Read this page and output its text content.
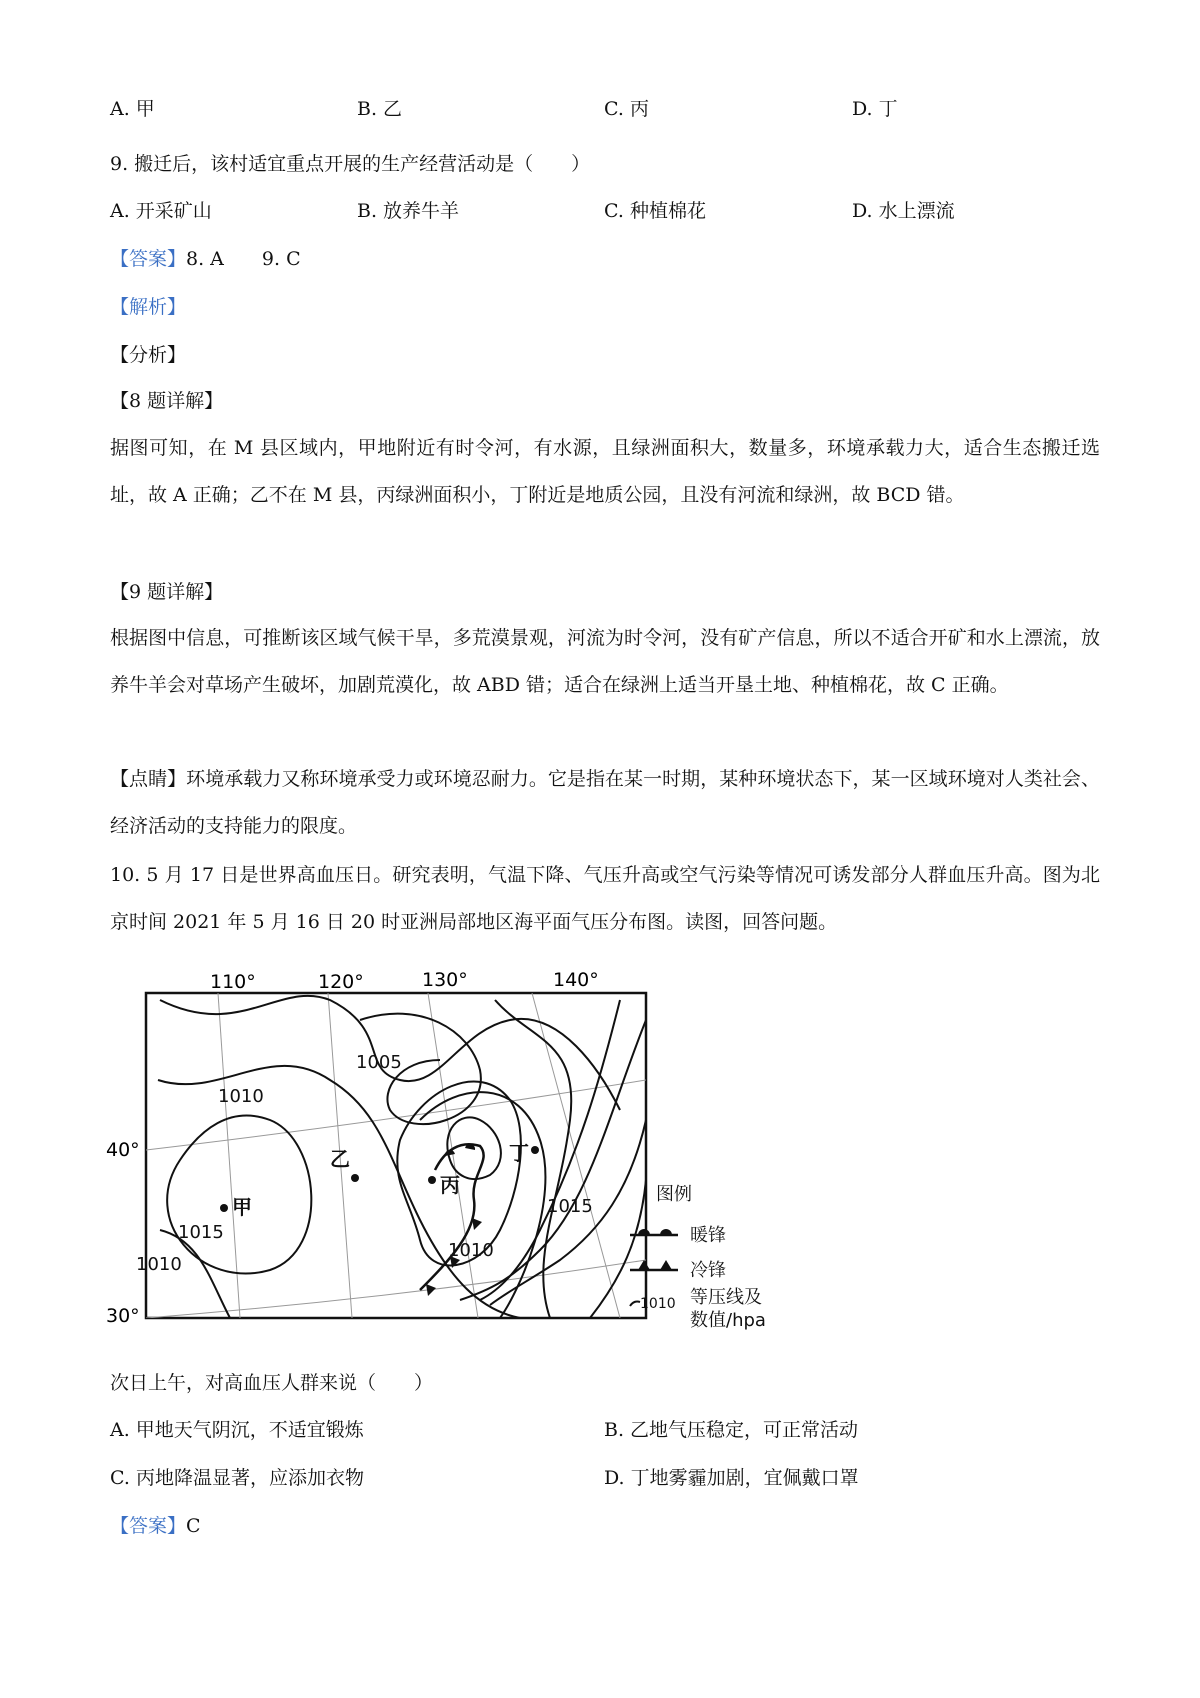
A. 甲	B. 乙	C. 丙	D. 丁
9. 搬迁后，该村适宜重点开展的生产经营活动是（　　）
A. 开采矿山	B. 放养牛羊	C. 种植棉花	D. 水上漂流
【答案】8. A　　9. C
【解析】
【分析】
【8 题详解】
据图可知，在 M 县区域内，甲地附近有时令河，有水源，且绿洲面积大，数量多，环境承载力大，适合生态搬迁选址，故 A 正确；乙不在 M 县，丙绿洲面积小，丁附近是地质公园，且没有河流和绿洲，故 BCD 错。
【9 题详解】
根据图中信息，可推断该区域气候干旱，多荒漠景观，河流为时令河，没有矿产信息，所以不适合开矿和水上漂流，放养牛羊会对草场产生破坏，加剧荒漠化，故 ABD 错；适合在绿洲上适当开垦土地、种植棉花，故 C 正确。
【点睛】环境承载力又称环境承受力或环境忍耐力。它是指在某一时期，某种环境状态下，某一区域环境对人类社会、经济活动的支持能力的限度。
10. 5 月 17 日是世界高血压日。研究表明，气温下降、气压升高或空气污染等情况可诱发部分人群血压升高。图为北京时间 2021 年 5 月 16 日 20 时亚洲局部地区海平面气压分布图。读图，回答问题。
110°	120°	130°	140°
40°
30°
1005
1010
1015
1015
1010
1010
甲
乙
丙
丁
图例
暖锋
冷锋
1010 等压线及
数值/hpa
次日上午，对高血压人群来说（　　）
A. 甲地天气阴沉，不适宜锻炼	B. 乙地气压稳定，可正常活动
C. 丙地降温显著，应添加衣物	D. 丁地雾霾加剧，宜佩戴口罩
【答案】C
